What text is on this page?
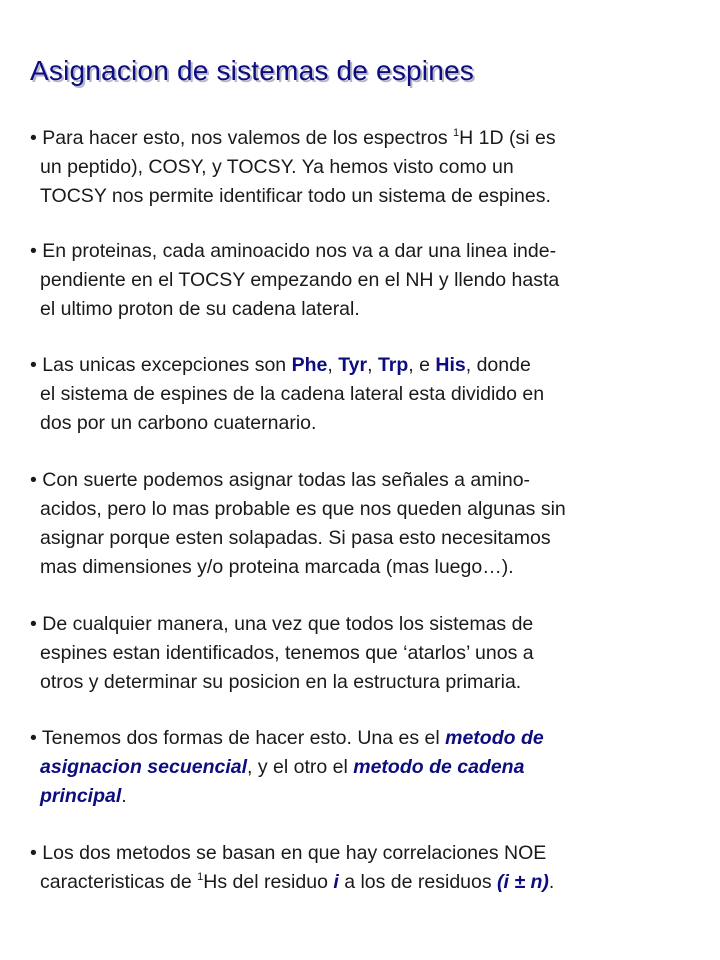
Asignacion de sistemas de espines
• Para hacer esto, nos valemos de los espectros $^1$H 1D (si es
un peptido), COSY, y TOCSY. Ya hemos visto como un
TOCSY nos permite identificar todo un sistema de espines.
• En proteinas, cada aminoacido nos va a dar una linea inde-
pendiente en el TOCSY empezando en el NH y llendo hasta
el ultimo proton de su cadena lateral.
• Las unicas excepciones son Phe, Tyr, Trp, e His, donde
el sistema de espines de la cadena lateral esta dividido en
dos por un carbono cuaternario.
• Con suerte podemos asignar todas las señales a amino-
acidos, pero lo mas probable es que nos queden algunas sin
asignar porque esten solapadas. Si pasa esto necesitamos
mas dimensiones y/o proteina marcada (mas luego…).
• De cualquier manera, una vez que todos los sistemas de
espines estan identificados, tenemos que ‘atarlos’ unos a
otros y determinar su posicion en la estructura primaria.
• Tenemos dos formas de hacer esto. Una es el metodo de
asignacion secuencial, y el otro el metodo de cadena
principal.
• Los dos metodos se basan en que hay correlaciones NOE
caracteristicas de $^1$Hs del residuo i a los de residuos (i ± n).
